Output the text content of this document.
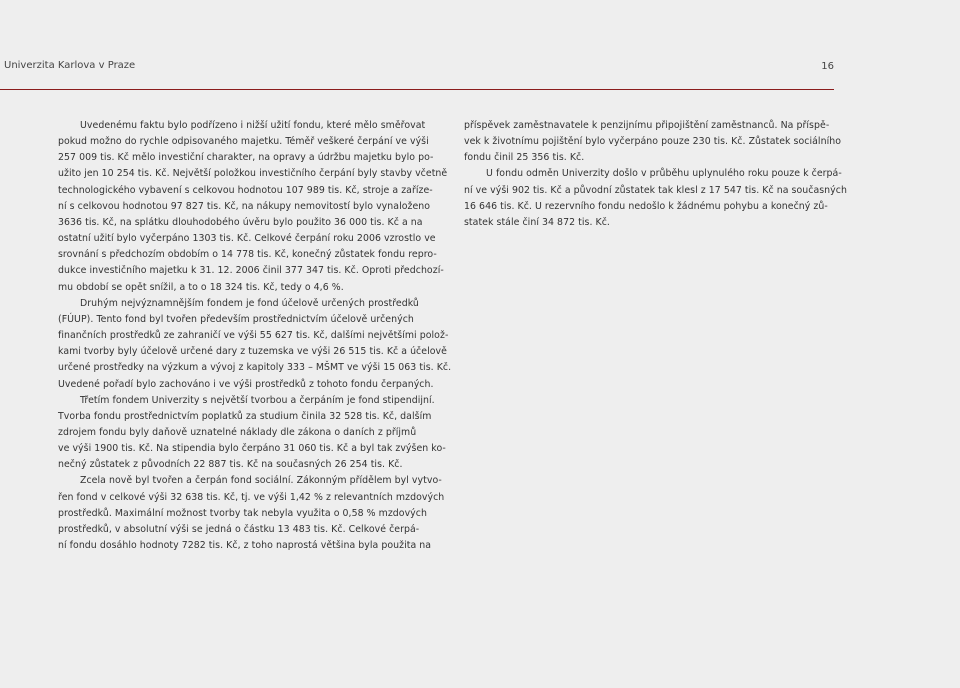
Univerzita Karlova v Praze	16
Uvedenému faktu bylo podřízeno i nižší užití fondu, které mělo směřovat
pokud možno do rychle odpisovaného majetku. Téměř veškeré čerpání ve výši
257 009 tis. Kč mělo investiční charakter, na opravy a údržbu majetku bylo po-
užito jen 10 254 tis. Kč. Největší položkou investičního čerpání byly stavby včetně
technologického vybavení s celkovou hodnotou 107 989 tis. Kč, stroje a zaříze-
ní s celkovou hodnotou 97 827 tis. Kč, na nákupy nemovitostí bylo vynaloženo
3636 tis. Kč, na splátku dlouhodobého úvěru bylo použito 36 000 tis. Kč a na
ostatní užití bylo vyčerpáno 1303 tis. Kč. Celkové čerpání roku 2006 vzrostlo ve
srovnání s předchozím obdobím o 14 778 tis. Kč, konečný zůstatek fondu repro-
dukce investičního majetku k 31. 12. 2006 činil 377 347 tis. Kč. Oproti předchozí-
mu období se opět snížil, a to o 18 324 tis. Kč, tedy o 4,6 %.
Druhým nejvýznamnějším fondem je fond účelově určených prostředků
(FÚUP). Tento fond byl tvořen především prostřednictvím účelově určených
finančních prostředků ze zahraničí ve výši 55 627 tis. Kč, dalšími největšími polož-
kami tvorby byly účelově určené dary z tuzemska ve výši 26 515 tis. Kč a účelově
určené prostředky na výzkum a vývoj z kapitoly 333 – MŠMT ve výši 15 063 tis. Kč.
Uvedené pořadí bylo zachováno i ve výši prostředků z tohoto fondu čerpaných.
Třetím fondem Univerzity s největší tvorbou a čerpáním je fond stipendijní.
Tvorba fondu prostřednictvím poplatků za studium činila 32 528 tis. Kč, dalším
zdrojem fondu byly daňově uznatelné náklady dle zákona o daních z příjmů
ve výši 1900 tis. Kč. Na stipendia bylo čerpáno 31 060 tis. Kč a byl tak zvýšen ko-
nečný zůstatek z původních 22 887 tis. Kč na současných 26 254 tis. Kč.
Zcela nově byl tvořen a čerpán fond sociální. Zákonným přídělem byl vytvo-
řen fond v celkové výši 32 638 tis. Kč, tj. ve výši 1,42 % z relevantních mzdových
prostředků. Maximální možnost tvorby tak nebyla využita o 0,58 % mzdových
prostředků, v absolutní výši se jedná o částku 13 483 tis. Kč. Celkové čerpá-
ní fondu dosáhlo hodnoty 7282 tis. Kč, z toho naprostá většina byla použita na
příspěvek zaměstnavatele k penzijnímu připojištění zaměstnanců. Na příspě-
vek k životnímu pojištění bylo vyčerpáno pouze 230 tis. Kč. Zůstatek sociálního
fondu činil 25 356 tis. Kč.
U fondu odměn Univerzity došlo v průběhu uplynulého roku pouze k čerpá-
ní ve výši 902 tis. Kč a původní zůstatek tak klesl z 17 547 tis. Kč na současných
16 646 tis. Kč. U rezervního fondu nedošlo k žádnému pohybu a konečný zů-
statek stále činí 34 872 tis. Kč.
